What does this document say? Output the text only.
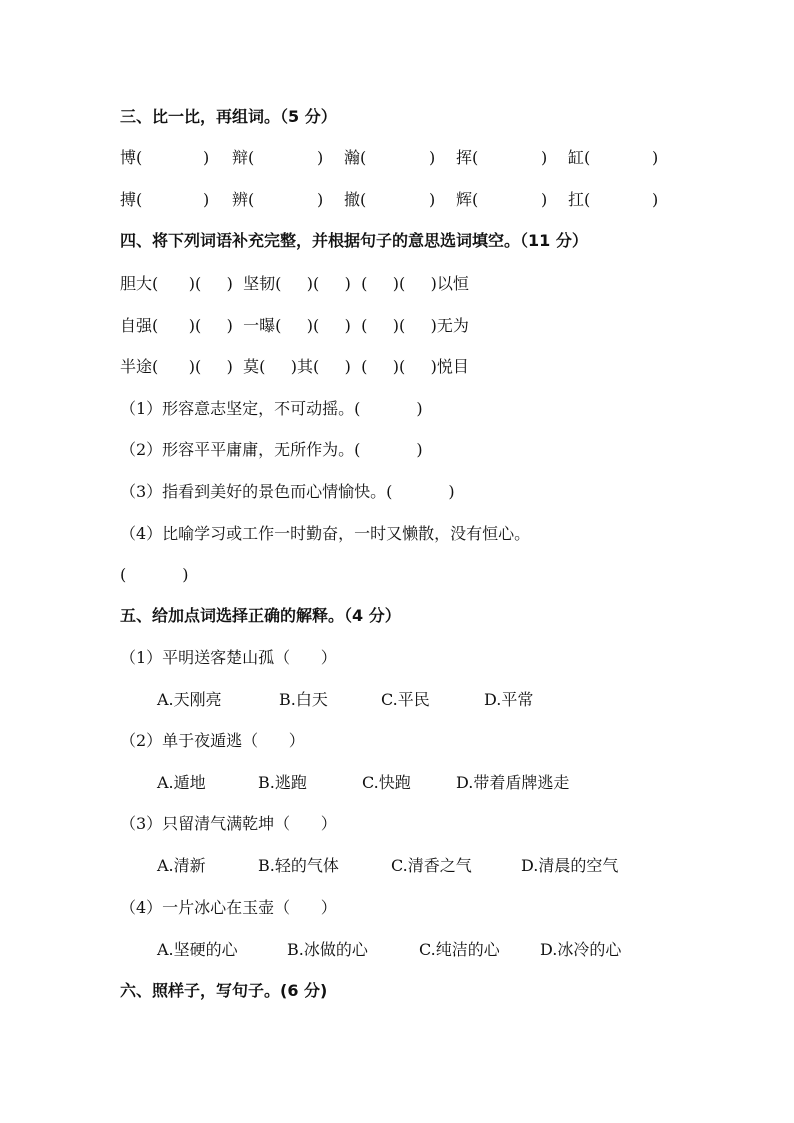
三、比一比，再组词。（5 分）
博(	) 辩(	) 瀚(	) 挥(	) 缸(	)
搏(	) 辨(	) 撤(	) 辉(	) 扛(	)
四、将下列词语补充完整，并根据句子的意思选词填空。（11 分）
胆大(      )(     )  坚韧(     )(     )  (     )(     )以恒
自强(      )(     )  一曝(     )(     )  (     )(     )无为
半途(      )(     )  莫(     )其(     )  (     )(     )悦目
（1）形容意志坚定，不可动摇。(           )
（2）形容平平庸庸，无所作为。(           )
（3）指看到美好的景色而心情愉快。(           )
（4）比喻学习或工作一时勤奋，一时又懒散，没有恒心。
(           )
五、给加点词选择正确的解释。（4 分）
（1）平明送客楚山孤（      ）
A.天刚亮	B.白天	C.平民	D.平常
（2）单于夜遁逃（      ）
A.遁地	B.逃跑	C.快跑	D.带着盾牌逃走
（3）只留清气满乾坤（      ）
A.清新	B.轻的气体	C.清香之气	D.清晨的空气
（4）一片冰心在玉壶（      ）
A.坚硬的心	B.冰做的心	C.纯洁的心	D.冰冷的心
六、照样子，写句子。(6 分)
